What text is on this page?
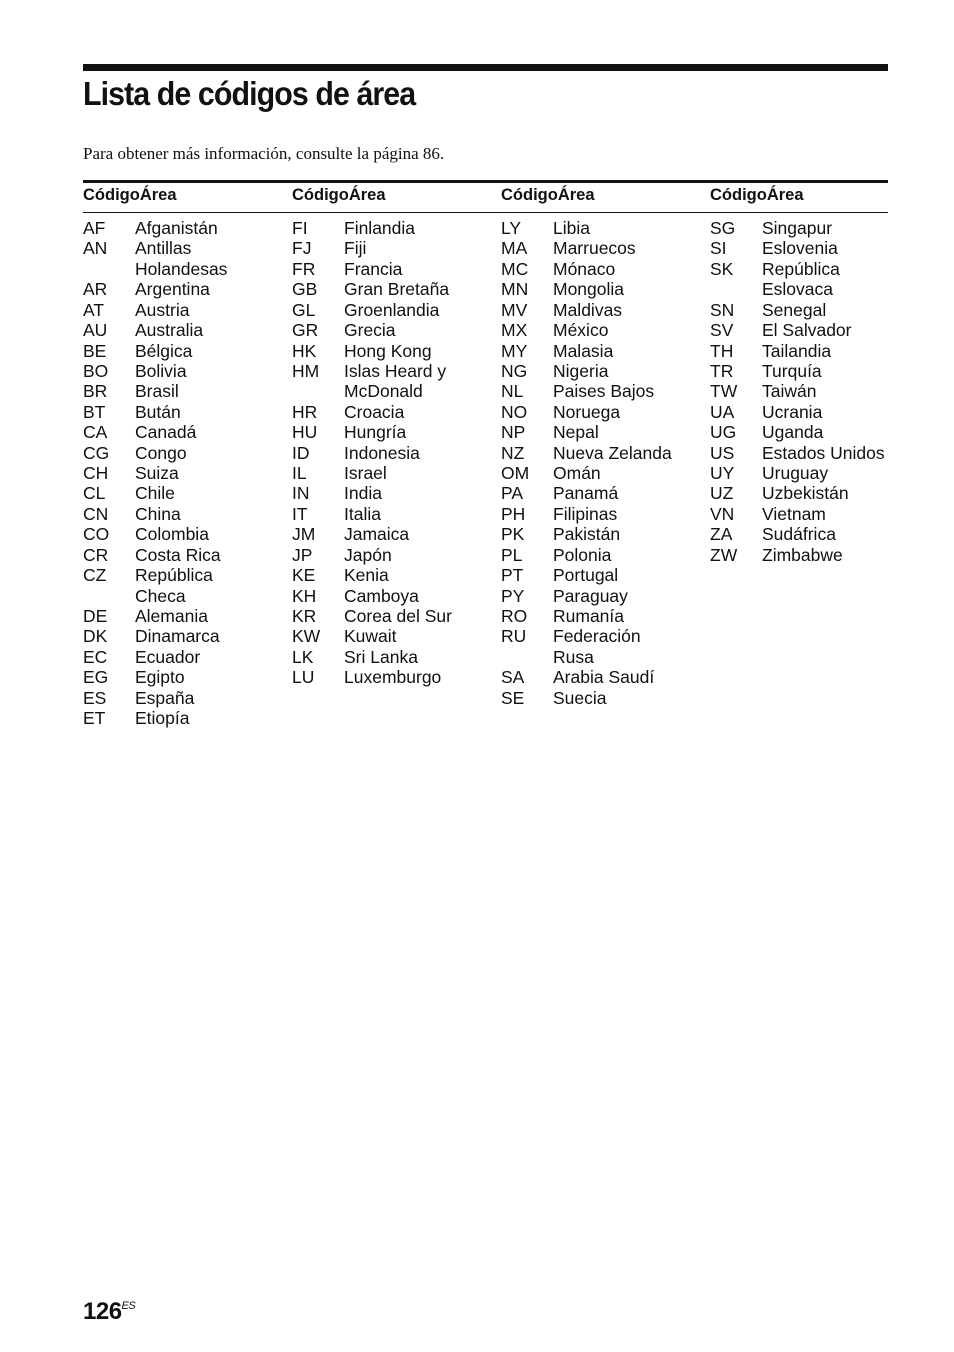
Lista de códigos de área
Para obtener más información, consulte la página 86.
CódigoÁrea	CódigoÁrea	CódigoÁrea	CódigoÁrea
AF Afganistán
AN Antillas
Holandesas
AR Argentina
AT Austria
AU Australia
BE Bélgica
BO Bolivia
BR Brasil
BT Bután
CA Canadá
CG Congo
CH Suiza
CL Chile
CN China
CO Colombia
CR Costa Rica
CZ República
Checa
DE Alemania
DK Dinamarca
EC Ecuador
EG Egipto
ES España
ET Etiopía
FI Finlandia
FJ Fiji
FR Francia
GB Gran Bretaña
GL Groenlandia
GR Grecia
HK Hong Kong
HM Islas Heard y
McDonald
HR Croacia
HU Hungría
ID Indonesia
IL Israel
IN India
IT Italia
JM Jamaica
JP Japón
KE Kenia
KH Camboya
KR Corea del Sur
KW Kuwait
LK Sri Lanka
LU Luxemburgo
LY Libia
MA Marruecos
MC Mónaco
MN Mongolia
MV Maldivas
MX México
MY Malasia
NG Nigeria
NL Paises Bajos
NO Noruega
NP Nepal
NZ Nueva Zelanda
OM Omán
PA Panamá
PH Filipinas
PK Pakistán
PL Polonia
PT Portugal
PY Paraguay
RO Rumanía
RU Federación
Rusa
SA Arabia Saudí
SE Suecia
SG Singapur
SI Eslovenia
SK República
Eslovaca
SN Senegal
SV El Salvador
TH Tailandia
TR Turquía
TW Taiwán
UA Ucrania
UG Uganda
US Estados Unidos
UY Uruguay
UZ Uzbekistán
VN Vietnam
ZA Sudáfrica
ZW Zimbabwe
$126^{ES}$
